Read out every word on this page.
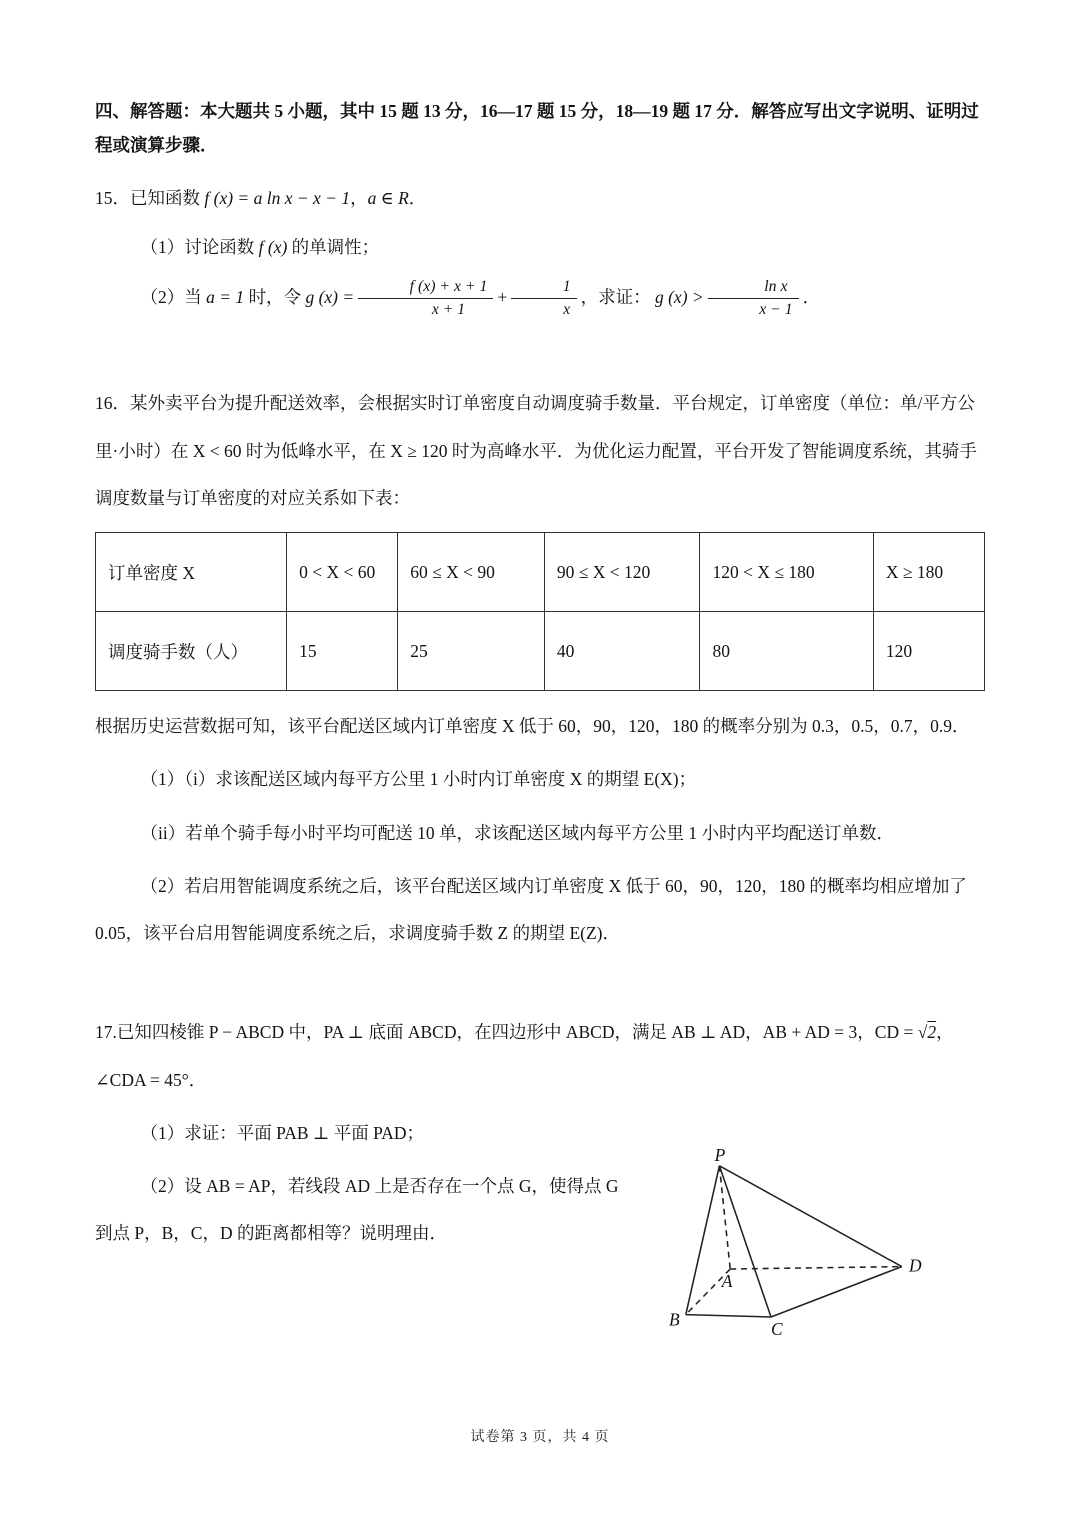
四、解答题：本大题共 5 小题，其中 15 题 13 分，16—17 题 15 分，18—19 题 17 分．解答应写出文字说明、证明过程或演算步骤．

15．已知函数 f (x) = a ln x − x − 1，a ∈ R．

（1）讨论函数 f (x) 的单调性；

（2）当 a = 1 时，令 g $(x) = \frac{f (x) + x + 1}{x + 1} + \frac{1}{x}$ ，求证： g $(x) > \frac{\text{ln x}}{x - 1}$ ．

16．某外卖平台为提升配送效率，会根据实时订单密度自动调度骑手数量．平台规定，订单密度（单位：单/平方公里·小时）在 X < 60 时为低峰水平，在 X ≥ 120 时为高峰水平．为优化运力配置，平台开发了智能调度系统，其骑手调度数量与订单密度的对应关系如下表：

订单密度 X	0 < X < 60	60 ≤ X < 90	90 ≤ X < 120	120 < X ≤ 180	X ≥ 180
调度骑手数（人）	15	25	40	80	120

根据历史运营数据可知，该平台配送区域内订单密度 X 低于 60，90，120，180 的概率分别为 0.3，0.5，0.7，0.9．

（1）（i）求该配送区域内每平方公里 1 小时内订单密度 X 的期望 E(X)；

（ii）若单个骑手每小时平均可配送 10 单，求该配送区域内每平方公里 1 小时内平均配送订单数．

（2）若启用智能调度系统之后，该平台配送区域内订单密度 X 低于 60，90，120，180 的概率均相应增加了 0.05，该平台启用智能调度系统之后，求调度骑手数 Z 的期望 E(Z)．

17.已知四棱锥 P − ABCD 中，PA ⊥ 底面 ABCD，在四边形中 ABCD，满足 AB ⊥ AD，AB + AD = 3，CD = √2，∠CDA = 45°．

（1）求证：平面 PAB ⊥ 平面 PAD；

P
A
B	C
D

（2）设 AB = AP，若线段 AD 上是否存在一个点 G，使得点 G 到点 P，B，C，D 的距离都相等？说明理由．

试卷第 3 页，共 4 页
